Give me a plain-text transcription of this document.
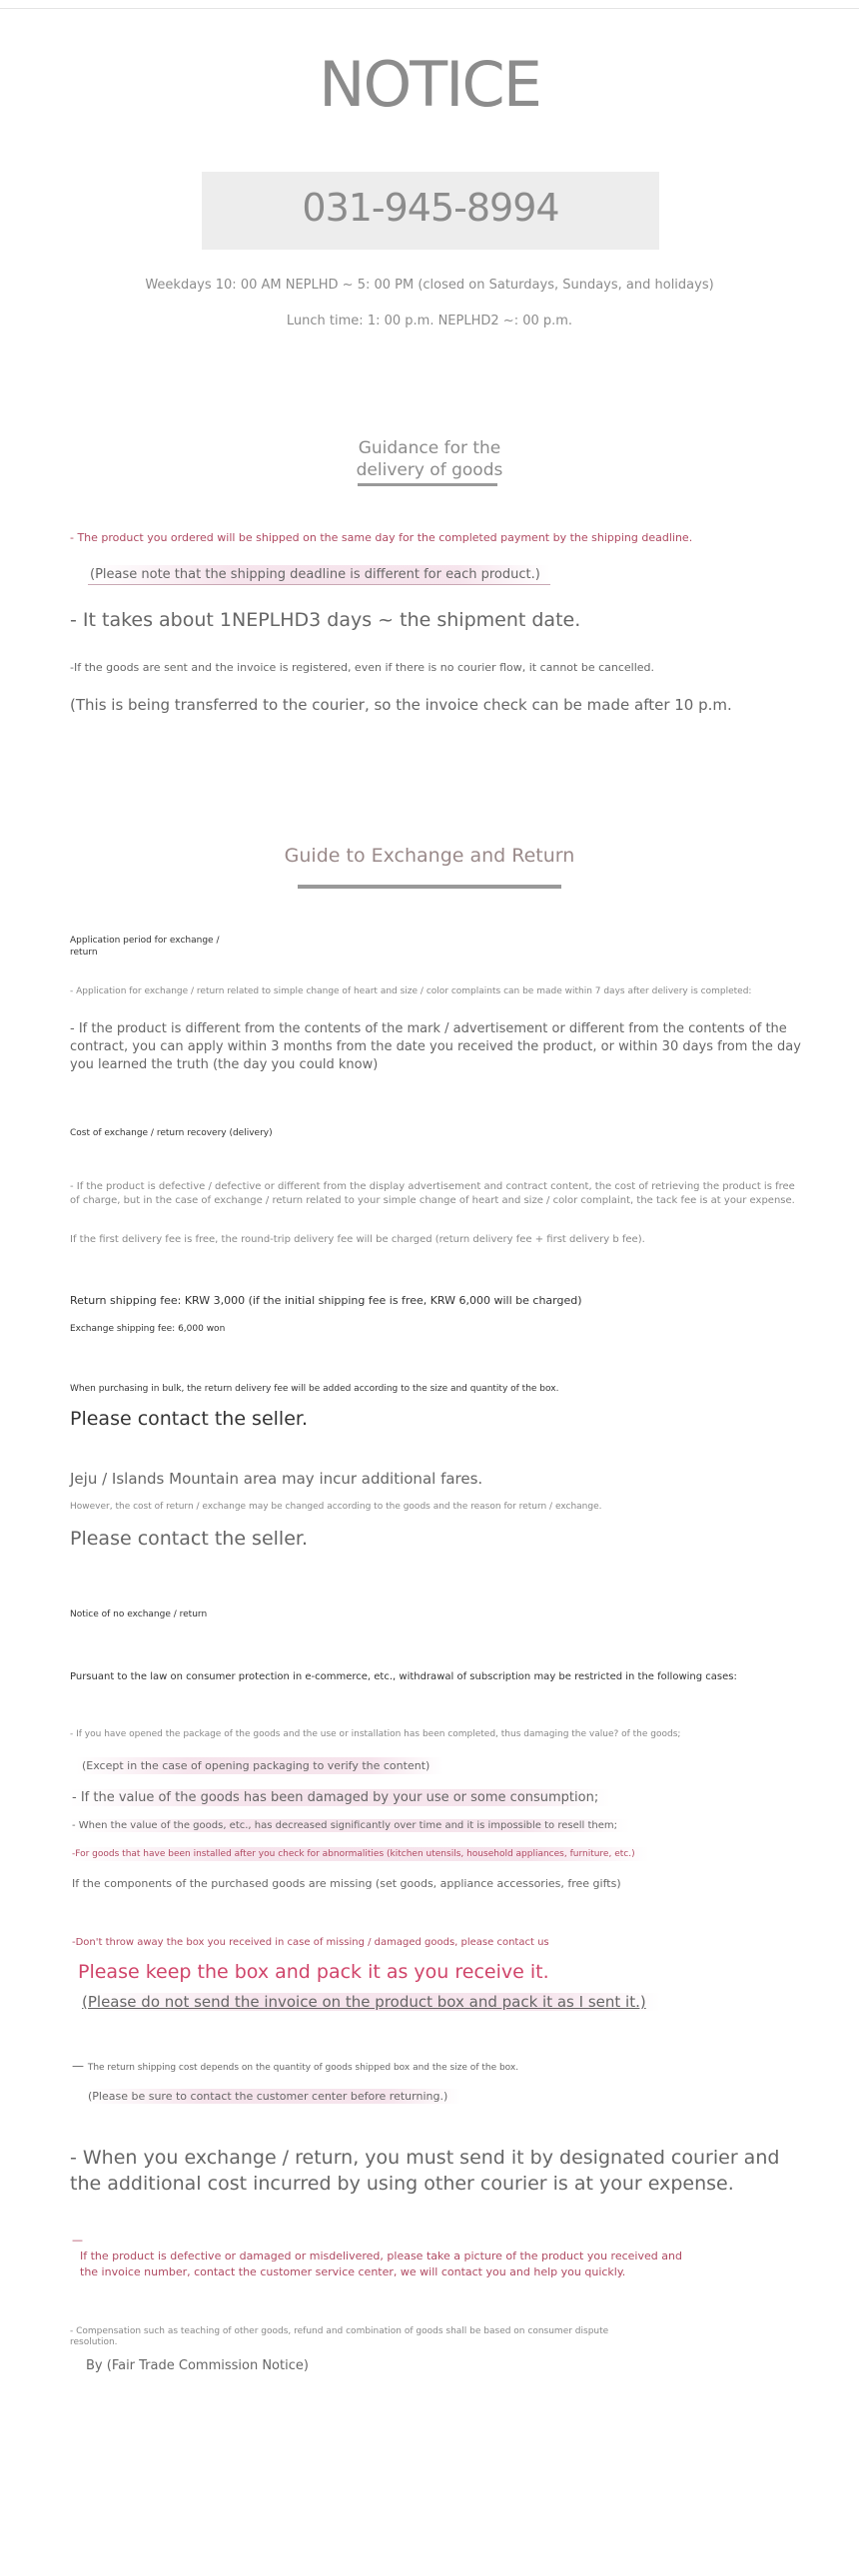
NOTICE
031-945-8994
Weekdays 10: 00 AM NEPLHD ~ 5: 00 PM (closed on Saturdays, Sundays, and holidays)
Lunch time: 1: 00 p.m. NEPLHD2 ~: 00 p.m.
Guidance for the
delivery of goods
- The product you ordered will be shipped on the same day for the completed payment by the shipping deadline.
(Please note that the shipping deadline is different for each product.)
- It takes about 1NEPLHD3 days ~ the shipment date.
-If the goods are sent and the invoice is registered, even if there is no courier flow, it cannot be cancelled.
(This is being transferred to the courier, so the invoice check can be made after 10 p.m.
Guide to Exchange and Return
Application period for exchange /
return
- Application for exchange / return related to simple change of heart and size / color complaints can be made within 7 days after delivery is completed:
- If the product is different from the contents of the mark / advertisement or different from the contents of the
contract, you can apply within 3 months from the date you received the product, or within 30 days from the day
you learned the truth (the day you could know)
Cost of exchange / return recovery (delivery)
- If the product is defective / defective or different from the display advertisement and contract content, the cost of retrieving the product is free
of charge, but in the case of exchange / return related to your simple change of heart and size / color complaint, the tack fee is at your expense.
If the first delivery fee is free, the round-trip delivery fee will be charged (return delivery fee + first delivery b fee).
Return shipping fee: KRW 3,000 (if the initial shipping fee is free, KRW 6,000 will be charged)
Exchange shipping fee: 6,000 won
When purchasing in bulk, the return delivery fee will be added according to the size and quantity of the box.
Please contact the seller.
Jeju / Islands Mountain area may incur additional fares.
However, the cost of return / exchange may be changed according to the goods and the reason for return / exchange.
Please contact the seller.
Notice of no exchange / return
Pursuant to the law on consumer protection in e-commerce, etc., withdrawal of subscription may be restricted in the following cases:
- If you have opened the package of the goods and the use or installation has been completed, thus damaging the value? of the goods;
(Except in the case of opening packaging to verify the content)
- If the value of the goods has been damaged by your use or some consumption;
- When the value of the goods, etc., has decreased significantly over time and it is impossible to resell them;
-For goods that have been installed after you check for abnormalities (kitchen utensils, household appliances, furniture, etc.)
If the components of the purchased goods are missing (set goods, appliance accessories, free gifts)
-Don't throw away the box you received in case of missing / damaged goods, please contact us
Please keep the box and pack it as you receive it.
(Please do not send the invoice on the product box and pack it as I sent it.)
— The return shipping cost depends on the quantity of goods shipped box and the size of the box.
(Please be sure to contact the customer center before returning.)
- When you exchange / return, you must send it by designated courier and
the additional cost incurred by using other courier is at your expense.
—
If the product is defective or damaged or misdelivered, please take a picture of the product you received and
the invoice number, contact the customer service center, we will contact you and help you quickly.
- Compensation such as teaching of other goods, refund and combination of goods shall be based on consumer dispute
resolution.
By (Fair Trade Commission Notice)
